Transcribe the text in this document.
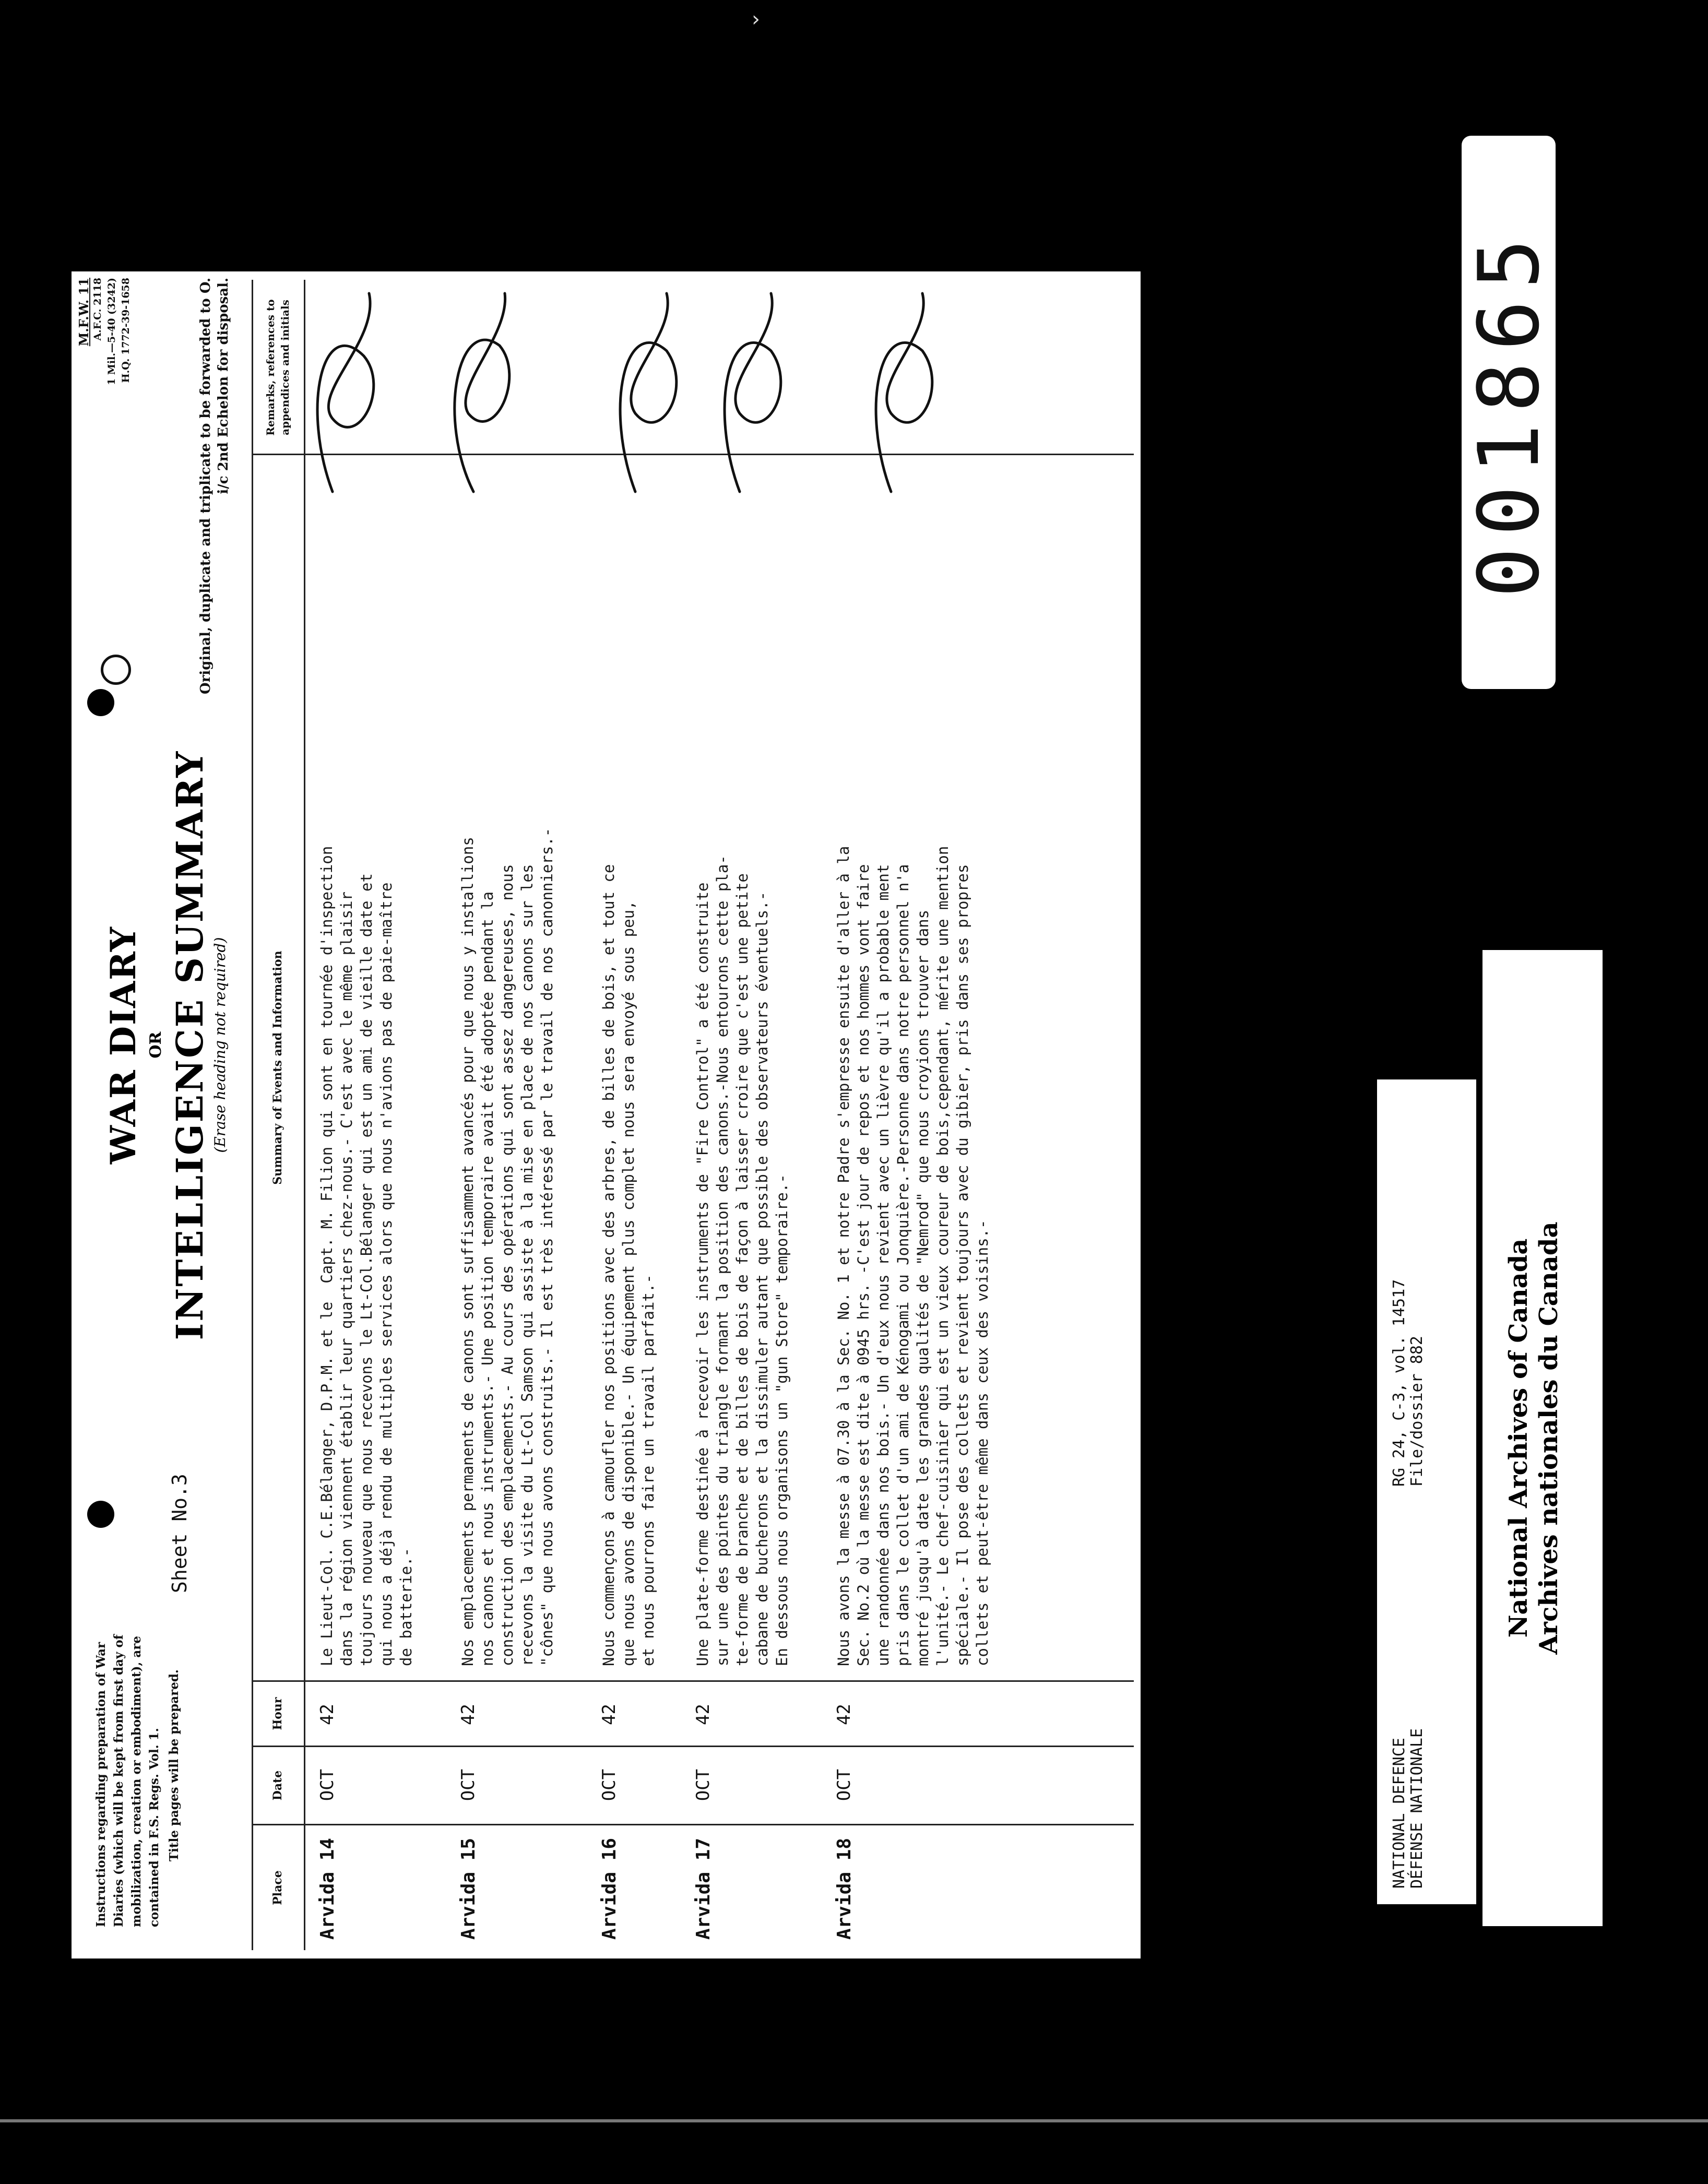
›
Instructions regarding preparation of War Diaries (which will be kept from first day of mobilization, creation or embodiment), are contained in F.S. Regs. Vol. 1. Title pages will be prepared.
Sheet No.3
WAR DIARY OR INTELLIGENCE SUMMARY (Erase heading not required)
M.F.W. 11 A.F.C. 2118 1 Mil.—5-40 (3242) H.Q. 1772-39-1658	Original, duplicate and triplicate to be forwarded to O. i/c 2nd Echelon for disposal.
Place
Date
Hour
Summary of Events and Information
Remarks, references to appendices and initials
Arvida 14
OCT
42
Le Lieut-Col. C.E.Bélanger, D.P.M. et le  Capt. M. Filion qui sont en tournée d'inspection
dans la région viennent établir leur quartiers chez-nous.- C'est avec le même plaisir
toujours nouveau que nous recevons le Lt-Col.Bélanger qui est un ami de vieille date et
qui nous a déjà rendu de multiples services alors que nous n'avions pas de paie-maître
de batterie.-
Arvida 15
OCT
42
Nos emplacements permanents de canons sont suffisamment avancés pour que nous y installions
nos canons et nous instruments.- Une position temporaire avait été adoptée pendant la
construction des emplacements.- Au cours des opérations qui sont assez dangereuses, nous
recevons la visite du Lt-Col Samson qui assiste à la mise en place de nos canons sur les
"cônes" que nous avons construits.- Il est très intéressé par le travail de nos canonniers.-
Arvida 16
OCT
42
Nous commençons à camoufler nos positions avec des arbres, de billes de bois, et tout ce
que nous avons de disponible.- Un équipement plus complet nous sera envoyé sous peu,
et nous pourrons faire un travail parfait.-
Arvida 17
OCT
42
Une plate-forme destinée à recevoir les instruments de "Fire Control" a été construite
sur une des pointes du triangle formant la position des canons.-Nous entourons cette pla-
te-forme de branche et de billes de bois de façon à laisser croire que c'est une petite
cabane de bucherons et la dissimuler autant que possible des observateurs éventuels.-
En dessous nous organisons un "gun Store" temporaire.-
Arvida 18
OCT
42
Nous avons la messe à 07.30 à la Sec. No. 1 et notre Padre s'empresse ensuite d'aller à la
Sec. No.2 où la messe est dite à 0945 hrs. -C'est jour de repos et nos hommes vont faire
une randonnée dans nos bois.- Un d'eux nous revient avec un lièvre qu'il a probable ment
pris dans le collet d'un ami de Kénogami ou Jonquière.-Personne dans notre personnel n'a
montré jusqu'à date les grandes qualités de "Nemrod" que nous croyions trouver dans
l'unité.- Le chef-cuisinier qui est un vieux coureur de bois,cependant, mérite une mention
spéciale.- Il pose des collets et revient toujours avec du gibier, pris dans ses propres
collets et peut-être même dans ceux des voisins.-
NATIONAL DEFENCE DÉFENSE NATIONALE
RG 24, C-3, vol. 14517 File/dossier 882	National Archives of Canada Archives nationales du Canada
001865
